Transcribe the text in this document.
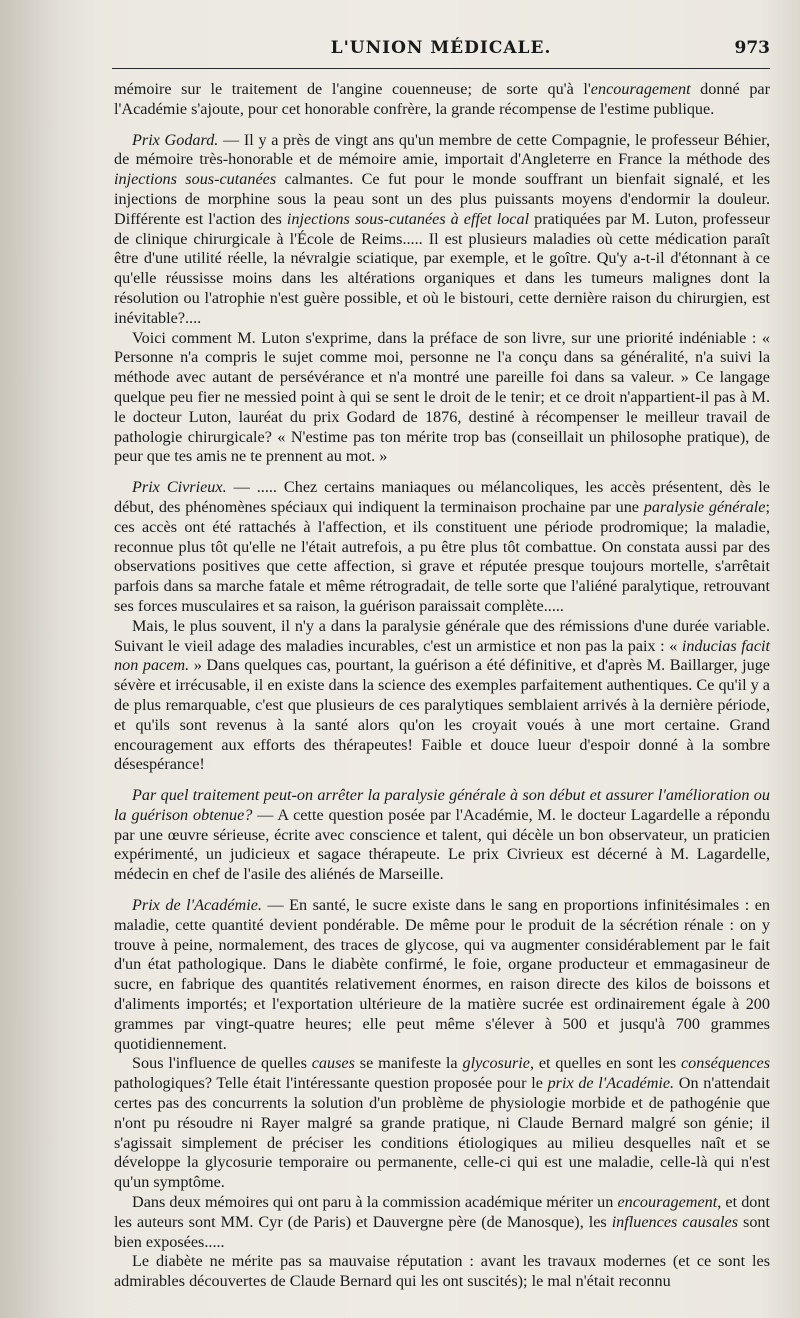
L'UNION MÉDICALE.	973

mémoire sur le traitement de l'angine couenneuse; de sorte qu'à l'encouragement donné par l'Académie s'ajoute, pour cet honorable confrère, la grande récompense de l'estime publique.

Prix Godard. — Il y a près de vingt ans qu'un membre de cette Compagnie, le professeur Béhier, de mémoire très-honorable et de mémoire amie, importait d'Angleterre en France la méthode des injections sous-cutanées calmantes. Ce fut pour le monde souffrant un bienfait signalé, et les injections de morphine sous la peau sont un des plus puissants moyens d'endormir la douleur. Différente est l'action des injections sous-cutanées à effet local pratiquées par M. Luton, professeur de clinique chirurgicale à l'École de Reims..... Il est plusieurs maladies où cette médication paraît être d'une utilité réelle, la névralgie sciatique, par exemple, et le goître. Qu'y a-t-il d'étonnant à ce qu'elle réussisse moins dans les altérations organiques et dans les tumeurs malignes dont la résolution ou l'atrophie n'est guère possible, et où le bistouri, cette dernière raison du chirurgien, est inévitable?....

Voici comment M. Luton s'exprime, dans la préface de son livre, sur une priorité indéniable : « Personne n'a compris le sujet comme moi, personne ne l'a conçu dans sa généralité, n'a suivi la méthode avec autant de persévérance et n'a montré une pareille foi dans sa valeur. » Ce langage quelque peu fier ne messied point à qui se sent le droit de le tenir; et ce droit n'appartient-il pas à M. le docteur Luton, lauréat du prix Godard de 1876, destiné à récompenser le meilleur travail de pathologie chirurgicale? « N'estime pas ton mérite trop bas (conseillait un philosophe pratique), de peur que tes amis ne te prennent au mot. »

Prix Civrieux. — ..... Chez certains maniaques ou mélancoliques, les accès présentent, dès le début, des phénomènes spéciaux qui indiquent la terminaison prochaine par une paralysie générale; ces accès ont été rattachés à l'affection, et ils constituent une période prodromique; la maladie, reconnue plus tôt qu'elle ne l'était autrefois, a pu être plus tôt combattue. On constata aussi par des observations positives que cette affection, si grave et réputée presque toujours mortelle, s'arrêtait parfois dans sa marche fatale et même rétrogradait, de telle sorte que l'aliéné paralytique, retrouvant ses forces musculaires et sa raison, la guérison paraissait complète.....

Mais, le plus souvent, il n'y a dans la paralysie générale que des rémissions d'une durée variable. Suivant le vieil adage des maladies incurables, c'est un armistice et non pas la paix : « inducias facit non pacem. » Dans quelques cas, pourtant, la guérison a été définitive, et d'après M. Baillarger, juge sévère et irrécusable, il en existe dans la science des exemples parfaitement authentiques. Ce qu'il y a de plus remarquable, c'est que plusieurs de ces paralytiques semblaient arrivés à la dernière période, et qu'ils sont revenus à la santé alors qu'on les croyait voués à une mort certaine. Grand encouragement aux efforts des thérapeutes! Faible et douce lueur d'espoir donné à la sombre désespérance!

Par quel traitement peut-on arrêter la paralysie générale à son début et assurer l'amélioration ou la guérison obtenue? — A cette question posée par l'Académie, M. le docteur Lagardelle a répondu par une œuvre sérieuse, écrite avec conscience et talent, qui décèle un bon observateur, un praticien expérimenté, un judicieux et sagace thérapeute. Le prix Civrieux est décerné à M. Lagardelle, médecin en chef de l'asile des aliénés de Marseille.

Prix de l'Académie. — En santé, le sucre existe dans le sang en proportions infinitésimales : en maladie, cette quantité devient pondérable. De même pour le produit de la sécrétion rénale : on y trouve à peine, normalement, des traces de glycose, qui va augmenter considérablement par le fait d'un état pathologique. Dans le diabète confirmé, le foie, organe producteur et emmagasineur de sucre, en fabrique des quantités relativement énormes, en raison directe des kilos de boissons et d'aliments importés; et l'exportation ultérieure de la matière sucrée est ordinairement égale à 200 grammes par vingt-quatre heures; elle peut même s'élever à 500 et jusqu'à 700 grammes quotidiennement.

Sous l'influence de quelles causes se manifeste la glycosurie, et quelles en sont les conséquences pathologiques? Telle était l'intéressante question proposée pour le prix de l'Académie. On n'attendait certes pas des concurrents la solution d'un problème de physiologie morbide et de pathogénie que n'ont pu résoudre ni Rayer malgré sa grande pratique, ni Claude Bernard malgré son génie; il s'agissait simplement de préciser les conditions étiologiques au milieu desquelles naît et se développe la glycosurie temporaire ou permanente, celle-ci qui est une maladie, celle-là qui n'est qu'un symptôme.

Dans deux mémoires qui ont paru à la commission académique mériter un encouragement, et dont les auteurs sont MM. Cyr (de Paris) et Dauvergne père (de Manosque), les influences causales sont bien exposées.....

Le diabète ne mérite pas sa mauvaise réputation : avant les travaux modernes (et ce sont les admirables découvertes de Claude Bernard qui les ont suscités); le mal n'était reconnu
